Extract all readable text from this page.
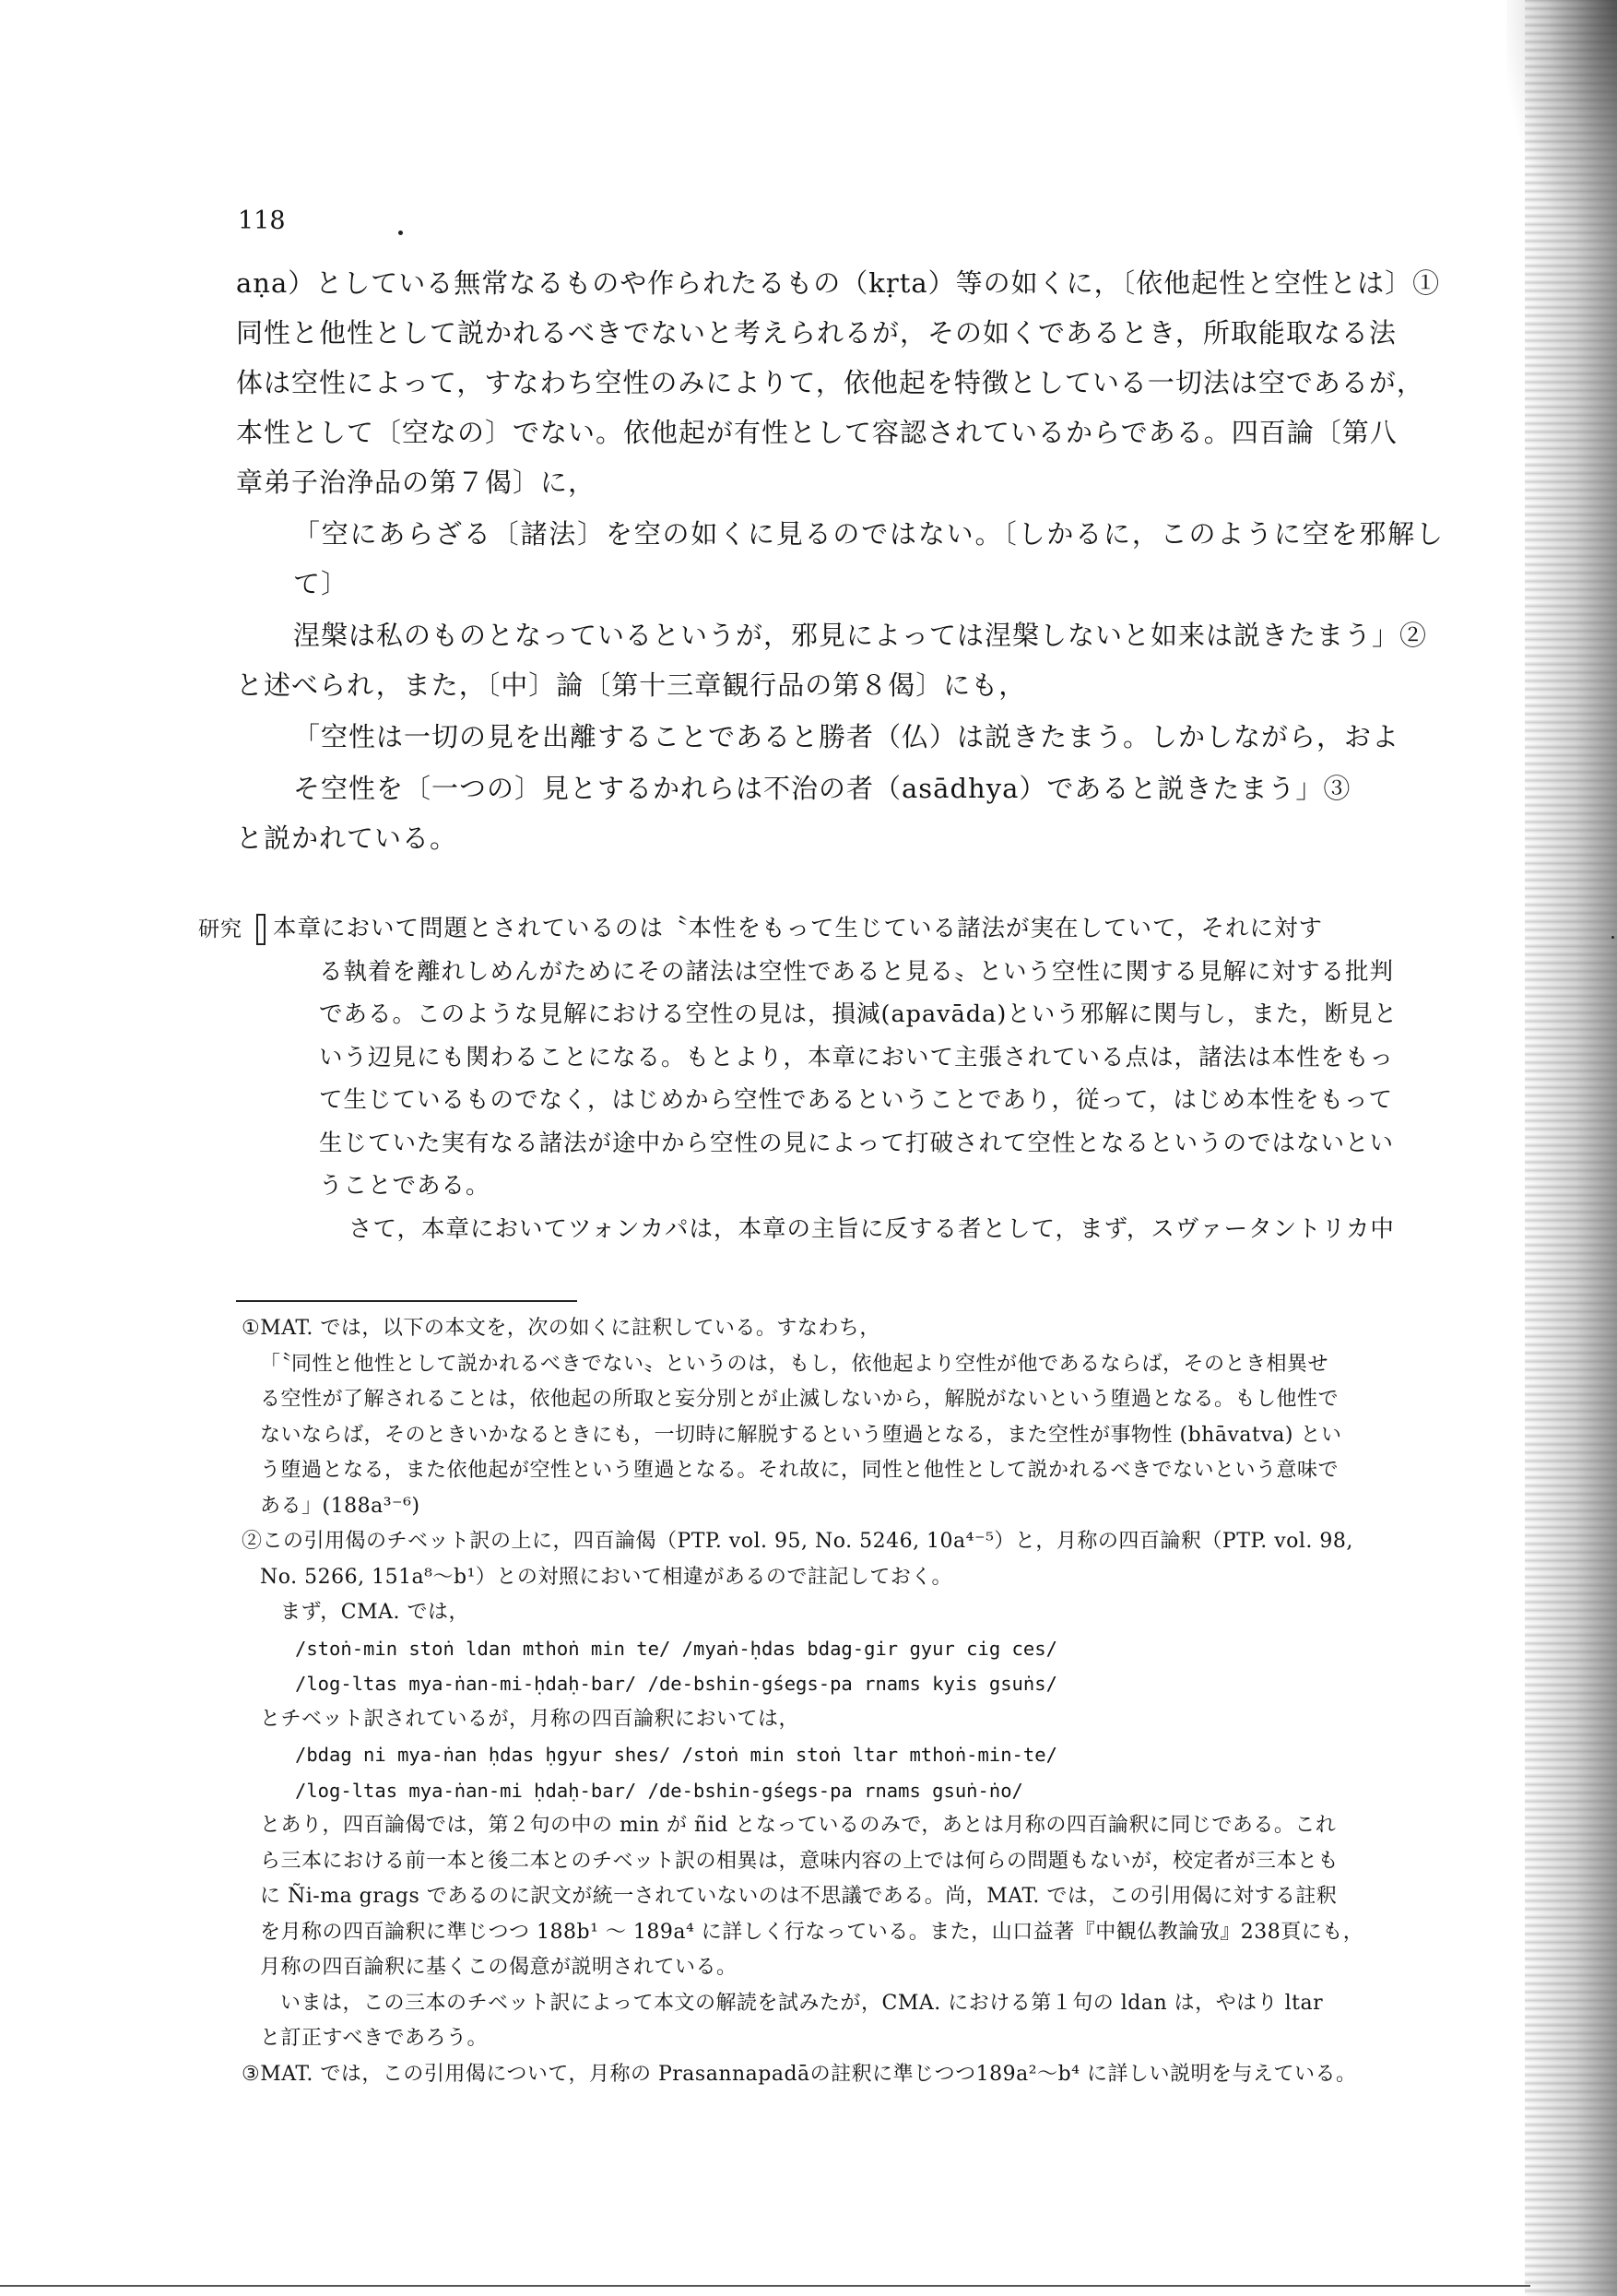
118

aṇa）としている無常なるものや作られたるもの（kṛta）等の如くに，〔依他起性と空性とは〕①

同性と他性として説かれるべきでないと考えられるが，その如くであるとき，所取能取なる法

体は空性によって，すなわち空性のみによりて，依他起を特徴としている一切法は空であるが，

本性として〔空なの〕でない。依他起が有性として容認されているからである。四百論〔第八

章弟子治浄品の第７偈〕に，

「空にあらざる〔諸法〕を空の如くに見るのではない。〔しかるに，このように空を邪解して〕

涅槃は私のものとなっているというが，邪見によっては涅槃しないと如来は説きたまう」②

と述べられ，また，〔中〕論〔第十三章観行品の第８偈〕にも，

「空性は一切の見を出離することであると勝者（仏）は説きたまう。しかしながら，およ

そ空性を〔一つの〕見とするかれらは不治の者（asādhya）であると説きたまう」③

と説かれている。

研究 本章において問題とされているのは〝本性をもって生じている諸法が実在していて，それに対す

る執着を離れしめんがためにその諸法は空性であると見る〟という空性に関する見解に対する批判

である。このような見解における空性の見は，損減(apavāda)という邪解に関与し，また，断見と

いう辺見にも関わることになる。もとより，本章において主張されている点は，諸法は本性をもっ

て生じているものでなく，はじめから空性であるということであり，従って，はじめ本性をもって

生じていた実有なる諸法が途中から空性の見によって打破されて空性となるというのではないとい

うことである。

さて，本章においてツォンカパは，本章の主旨に反する者として，まず，スヴァータントリカ中

①MAT. では，以下の本文を，次の如くに註釈している。すなわち，

「〝同性と他性として説かれるべきでない〟というのは，もし，依他起より空性が他であるならば，そのとき相異せ

る空性が了解されることは，依他起の所取と妄分別とが止滅しないから，解脱がないという堕過となる。もし他性で

ないならば，そのときいかなるときにも，一切時に解脱するという堕過となる，また空性が事物性 (bhāvatva) とい

う堕過となる，また依他起が空性という堕過となる。それ故に，同性と他性として説かれるべきでないという意味で

ある」(188a³⁻⁶)

②この引用偈のチベット訳の上に，四百論偈（PTP. vol. 95, No. 5246, 10a⁴⁻⁵）と，月称の四百論釈（PTP. vol. 98,

No. 5266, 151a⁸〜b¹）との対照において相違があるので註記しておく。

まず，CMA. では，

/stoṅ-min stoṅ ldan mthoṅ min te/ /myaṅ-ḥdas bdag-gir gyur cig ces/

/log-ltas mya-ṅan-mi-ḥdaḥ-bar/ /de-bshin-gśegs-pa rnams kyis gsuṅs/

とチベット訳されているが，月称の四百論釈においては，

/bdag ni mya-ṅan ḥdas ḥgyur shes/ /stoṅ min stoṅ ltar mthoṅ-min-te/

/log-ltas mya-ṅan-mi ḥdaḥ-bar/ /de-bshin-gśegs-pa rnams gsuṅ-ṅo/

とあり，四百論偈では，第２句の中の min が ñid となっているのみで，あとは月称の四百論釈に同じである。これ

ら三本における前一本と後二本とのチベット訳の相異は，意味内容の上では何らの問題もないが，校定者が三本とも

に Ñi-ma grags であるのに訳文が統一されていないのは不思議である。尚，MAT. では，この引用偈に対する註釈

を月称の四百論釈に準じつつ 188b¹ 〜 189a⁴ に詳しく行なっている。また，山口益著『中観仏教論攷』238頁にも，

月称の四百論釈に基くこの偈意が説明されている。

いまは，この三本のチベット訳によって本文の解読を試みたが，CMA. における第１句の ldan は，やはり ltar

と訂正すべきであろう。

③MAT. では，この引用偈について，月称の Prasannapadāの註釈に準じつつ189a²〜b⁴ に詳しい説明を与えている。
